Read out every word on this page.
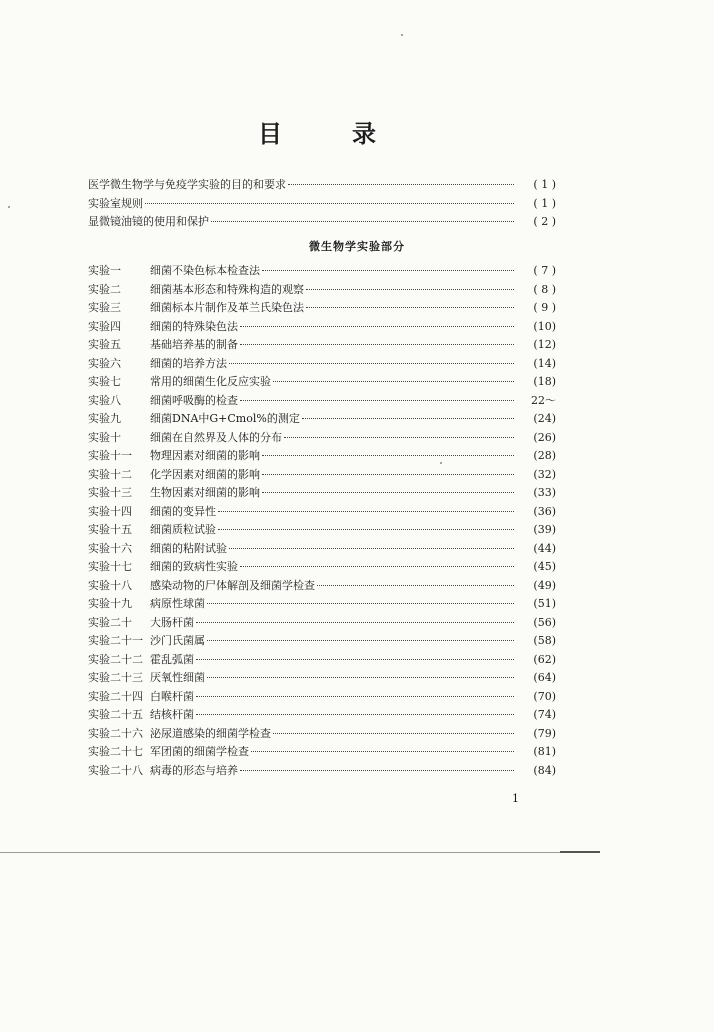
目	录
医学微生物学与免疫学实验的目的和要求	( 1 )
实验室规则	( 1 )
显微镜油镜的使用和保护	( 2 )
微生物学实验部分
实验一	细菌不染色标本检查法	( 7 )
实验二	细菌基本形态和特殊构造的观察	( 8 )
实验三	细菌标本片制作及革兰氏染色法	( 9 )
实验四	细菌的特殊染色法	(10)
实验五	基础培养基的制备	(12)
实验六	细菌的培养方法	(14)
实验七	常用的细菌生化反应实验	(18)
实验八	细菌呼吸酶的检查	22〜
实验九	细菌DNA中G+Cmol%的测定	(24)
实验十	细菌在自然界及人体的分布	(26)
实验十一 物理因素对细菌的影响	(28)
实验十二 化学因素对细菌的影响	(32)
实验十三 生物因素对细菌的影响	(33)
实验十四 细菌的变异性	(36)
实验十五 细菌质粒试验	(39)
实验十六 细菌的粘附试验	(44)
实验十七 细菌的致病性实验	(45)
实验十八 感染动物的尸体解剖及细菌学检查	(49)
实验十九 病原性球菌	(51)
实验二十 大肠杆菌	(56)
实验二十一 沙门氏菌属	(58)
实验二十二 霍乱弧菌	(62)
实验二十三 厌氧性细菌	(64)
实验二十四 白喉杆菌	(70)
实验二十五 结核杆菌	(74)
实验二十六 泌尿道感染的细菌学检查	(79)
实验二十七 军团菌的细菌学检查	(81)
实验二十八 病毒的形态与培养	(84)
1
